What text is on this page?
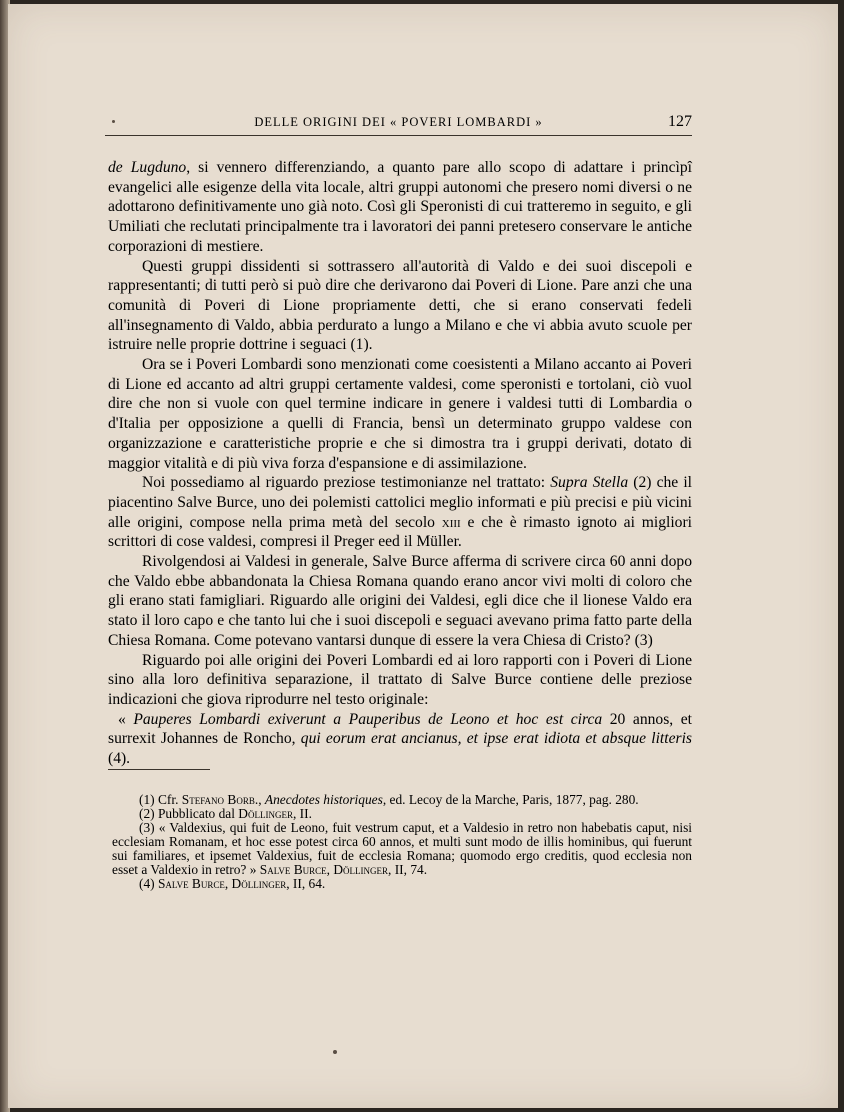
DELLE ORIGINI DEI « POVERI LOMBARDI »	127

de Lugduno, si vennero differenziando, a quanto pare allo scopo di adattare i princìpî evangelici alle esigenze della vita locale, altri gruppi autonomi che presero nomi diversi o ne adottarono definitivamente uno già noto. Così gli Speronisti di cui tratteremo in seguito, e gli Umiliati che reclutati principalmente tra i lavoratori dei panni pretesero conservare le antiche corporazioni di mestiere.

Questi gruppi dissidenti si sottrassero all'autorità di Valdo e dei suoi discepoli e rappresentanti; di tutti però si può dire che derivarono dai Poveri di Lione. Pare anzi che una comunità di Poveri di Lione propriamente detti, che si erano conservati fedeli all'insegnamento di Valdo, abbia perdurato a lungo a Milano e che vi abbia avuto scuole per istruire nelle proprie dottrine i seguaci (1).

Ora se i Poveri Lombardi sono menzionati come coesistenti a Milano accanto ai Poveri di Lione ed accanto ad altri gruppi certamente valdesi, come speronisti e tortolani, ciò vuol dire che non si vuole con quel termine indicare in genere i valdesi tutti di Lombardia o d'Italia per opposizione a quelli di Francia, bensì un determinato gruppo valdese con organizzazione e caratteristiche proprie e che si dimostra tra i gruppi derivati, dotato di maggior vitalità e di più viva forza d'espansione e di assimilazione.

Noi possediamo al riguardo preziose testimonianze nel trattato: Supra Stella (2) che il piacentino Salve Burce, uno dei polemisti cattolici meglio informati e più precisi e più vicini alle origini, compose nella prima metà del secolo xiii e che è rimasto ignoto ai migliori scrittori di cose valdesi, compresi il Preger eed il Müller.

Rivolgendosi ai Valdesi in generale, Salve Burce afferma di scrivere circa 60 anni dopo che Valdo ebbe abbandonata la Chiesa Romana quando erano ancor vivi molti di coloro che gli erano stati famigliari. Riguardo alle origini dei Valdesi, egli dice che il lionese Valdo era stato il loro capo e che tanto lui che i suoi discepoli e seguaci avevano prima fatto parte della Chiesa Romana. Come potevano vantarsi dunque di essere la vera Chiesa di Cristo? (3)

Riguardo poi alle origini dei Poveri Lombardi ed ai loro rapporti con i Poveri di Lione sino alla loro definitiva separazione, il trattato di Salve Burce contiene delle preziose indicazioni che giova riprodurre nel testo originale:

« Pauperes Lombardi exiverunt a Pauperibus de Leono et hoc est circa 20 annos, et surrexit Johannes de Roncho, qui eorum erat ancianus, et ipse erat idiota et absque litteris (4).

(1) Cfr. Stefano Borb., Anecdotes historiques, ed. Lecoy de la Marche, Paris, 1877, pag. 280.

(2) Pubblicato dal Döllinger, II.

(3) « Valdexius, qui fuit de Leono, fuit vestrum caput, et a Valdesio in retro non habebatis caput, nisi ecclesiam Romanam, et hoc esse potest circa 60 annos, et multi sunt modo de illis hominibus, qui fuerunt sui familiares, et ipsemet Valdexius, fuit de ecclesia Romana; quomodo ergo creditis, quod ecclesia non esset a Valdexio in retro? » Salve Burce, Döllinger, II, 74.

(4) Salve Burce, Döllinger, II, 64.
